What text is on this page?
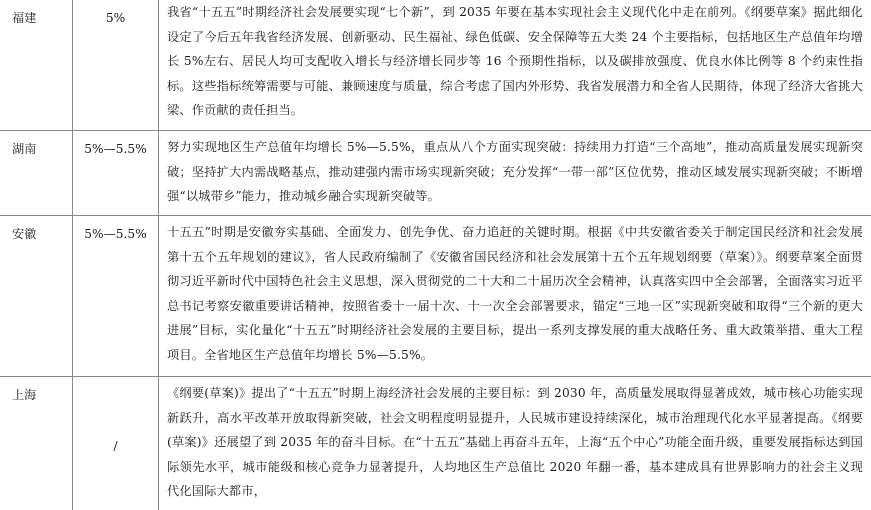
福建	5%	我省“十五五”时期经济社会发展要实现“七个新”，到 2035 年要在基本实现社会主义现代化中走在前列。《纲要草案》据此细化设定了今后五年我省经济发展、创新驱动、民生福祉、绿色低碳、安全保障等五大类 24 个主要指标，包括地区生产总值年均增长 5%左右、居民人均可支配收入增长与经济增长同步等 16 个预期性指标，以及碳排放强度、优良水体比例等 8 个约束性指标。这些指标统筹需要与可能、兼顾速度与质量，综合考虑了国内外形势、我省发展潜力和全省人民期待，体现了经济大省挑大梁、作贡献的责任担当。
湖南	5%—5.5%	努力实现地区生产总值年均增长 5%—5.5%，重点从八个方面实现突破：持续用力打造“三个高地”，推动高质量发展实现新突破；坚持扩大内需战略基点，推动建强内需市场实现新突破；充分发挥“一带一部”区位优势，推动区域发展实现新突破；不断增强“以城带乡”能力，推动城乡融合实现新突破等。
安徽	5%—5.5%	十五五”时期是安徽夯实基础、全面发力、创先争优、奋力追赶的关键时期。根据《中共安徽省委关于制定国民经济和社会发展第十五个五年规划的建议》，省人民政府编制了《安徽省国民经济和社会发展第十五个五年规划纲要（草案）》。纲要草案全面贯彻习近平新时代中国特色社会主义思想，深入贯彻党的二十大和二十届历次全会精神，认真落实四中全会部署，全面落实习近平总书记考察安徽重要讲话精神，按照省委十一届十次、十一次全会部署要求，锚定“三地一区”实现新突破和取得“三个新的更大进展”目标，实化量化“十五五”时期经济社会发展的主要目标，提出一系列支撑发展的重大战略任务、重大政策举措、重大工程项目。全省地区生产总值年均增长 5%—5.5%。
上海	/	《纲要(草案)》提出了“十五五”时期上海经济社会发展的主要目标：到 2030 年，高质量发展取得显著成效，城市核心功能实现新跃升，高水平改革开放取得新突破，社会文明程度明显提升，人民城市建设持续深化，城市治理现代化水平显著提高。《纲要(草案)》还展望了到 2035 年的奋斗目标。在“十五五”基础上再奋斗五年，上海“五个中心”功能全面升级，重要发展指标达到国际领先水平，城市能级和核心竞争力显著提升，人均地区生产总值比 2020 年翻一番，基本建成具有世界影响力的社会主义现代化国际大都市，
